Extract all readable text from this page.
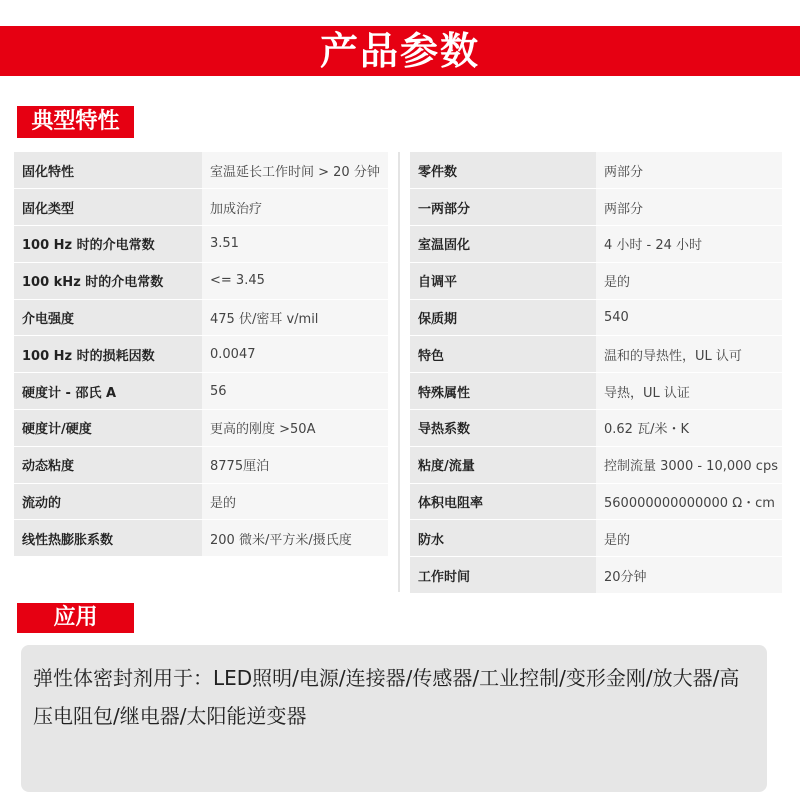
产品参数
典型特性
固化特性	室温延长工作时间 > 20 分钟
固化类型	加成治疗
100 Hz 时的介电常数	3.51
100 kHz 时的介电常数	<= 3.45
介电强度	475 伏/密耳 v/mil
100 Hz 时的损耗因数	0.0047
硬度计 - 邵氏 A	56
硬度计/硬度	更高的刚度 >50A
动态粘度	8775厘泊
流动的	是的
线性热膨胀系数	200 微米/平方米/摄氏度
零件数	两部分
一两部分	两部分
室温固化	4 小时 - 24 小时
自调平	是的
保质期	540
特色	温和的导热性，UL 认可
特殊属性	导热，UL 认证
导热系数	0.62 瓦/米・K
粘度/流量	控制流量 3000 - 10,000 cps
体积电阻率	560000000000000 Ω・cm
防水	是的
工作时间	20分钟
应用
弹性体密封剂用于：LED照明/电源/连接器/传感器/工业控制/变形金刚/放大器/高压电阻包/继电器/太阳能逆变器
